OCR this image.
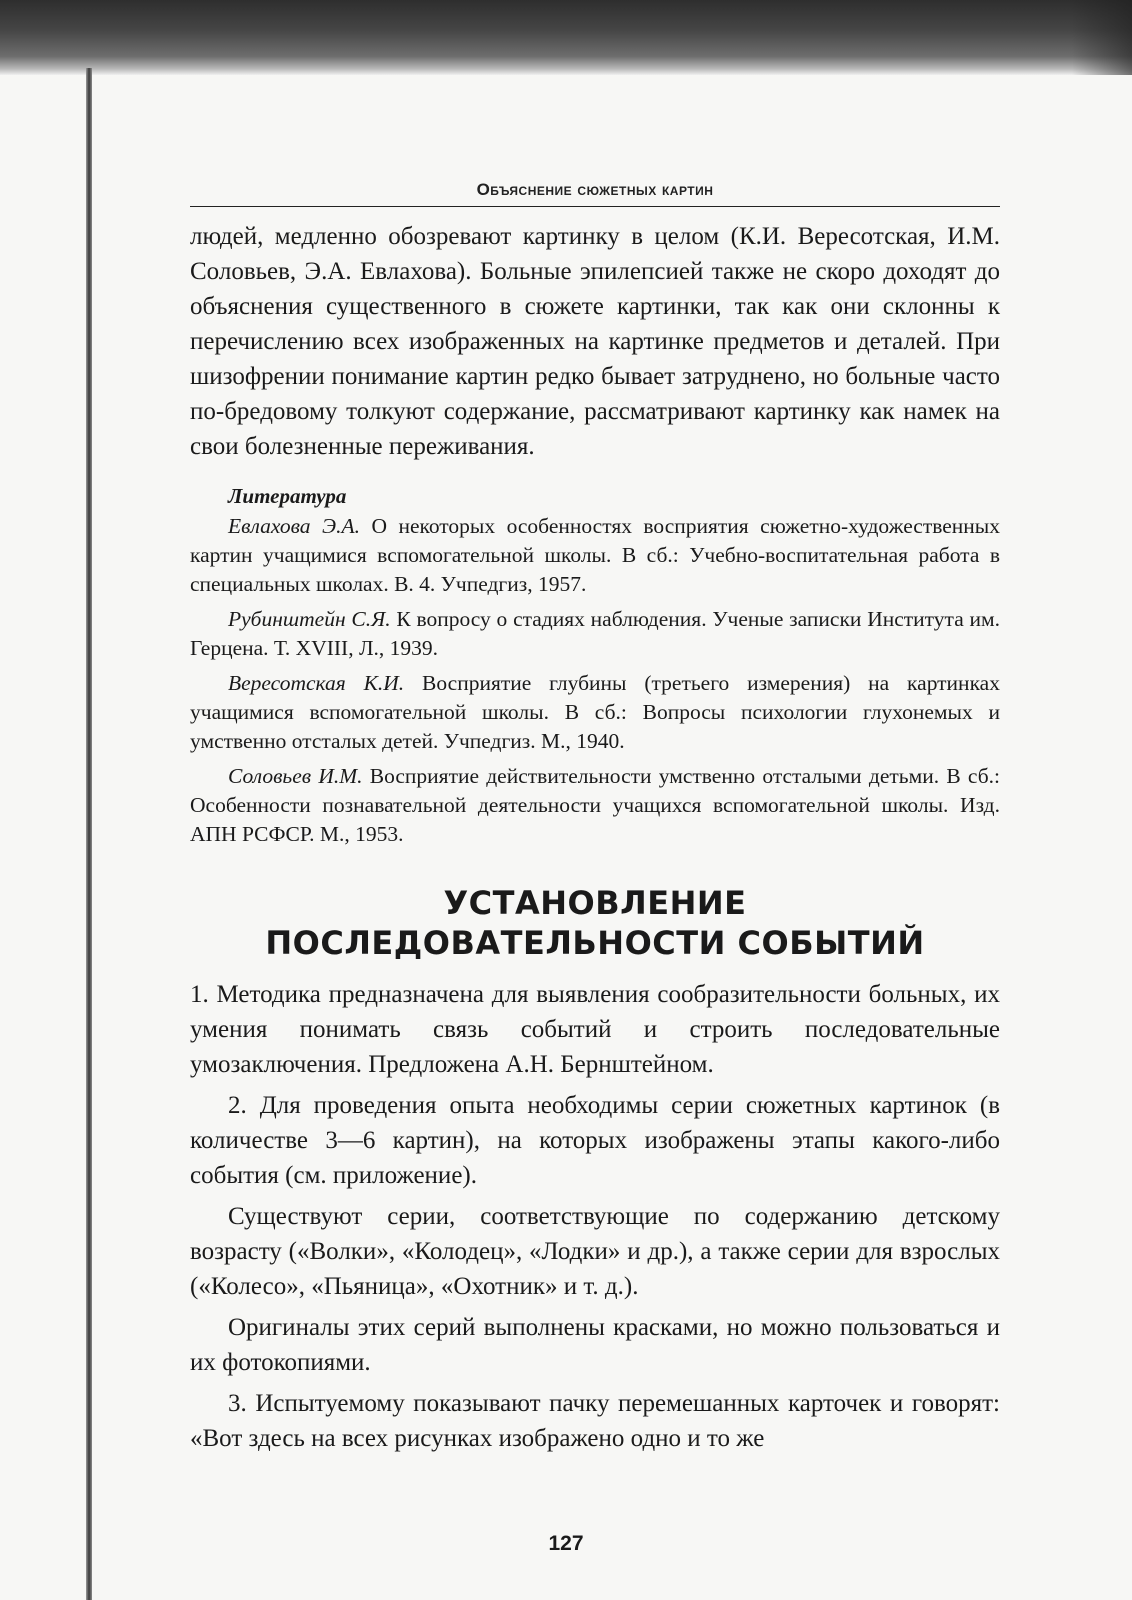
Объяснение сюжетных картин

людей, медленно обозревают картинку в целом (К.И. Вересотская, И.М. Соловьев, Э.А. Евлахова). Больные эпилепсией также не скоро доходят до объяснения существенного в сюжете картинки, так как они склонны к перечислению всех изображенных на картинке предметов и деталей. При шизофрении понимание картин редко бывает затруднено, но больные часто по-бредовому толкуют содержание, рассматривают картинку как намек на свои болезненные переживания.

Литература

Евлахова Э.А. О некоторых особенностях восприятия сюжетно-художественных картин учащимися вспомогательной школы. В сб.: Учебно-воспитательная работа в специальных школах. В. 4. Учпедгиз, 1957.

Рубинштейн С.Я. К вопросу о стадиях наблюдения. Ученые записки Института им. Герцена. Т. XVIII, Л., 1939.

Вересотская К.И. Восприятие глубины (третьего измерения) на картинках учащимися вспомогательной школы. В сб.: Вопросы психологии глухонемых и умственно отсталых детей. Учпедгиз. М., 1940.

Соловьев И.М. Восприятие действительности умственно отсталыми детьми. В сб.: Особенности познавательной деятельности учащихся вспомогательной школы. Изд. АПН РСФСР. М., 1953.

УСТАНОВЛЕНИЕ
ПОСЛЕДОВАТЕЛЬНОСТИ СОБЫТИЙ

1. Методика предназначена для выявления сообразительности больных, их умения понимать связь событий и строить последовательные умозаключения. Предложена А.Н. Бернштейном.

2. Для проведения опыта необходимы серии сюжетных картинок (в количестве 3—6 картин), на которых изображены этапы какого-либо события (см. приложение).

Существуют серии, соответствующие по содержанию детскому возрасту («Волки», «Колодец», «Лодки» и др.), а также серии для взрослых («Колесо», «Пьяница», «Охотник» и т. д.).

Оригиналы этих серий выполнены красками, но можно пользоваться и их фотокопиями.

3. Испытуемому показывают пачку перемешанных карточек и говорят: «Вот здесь на всех рисунках изображено одно и то же

127
